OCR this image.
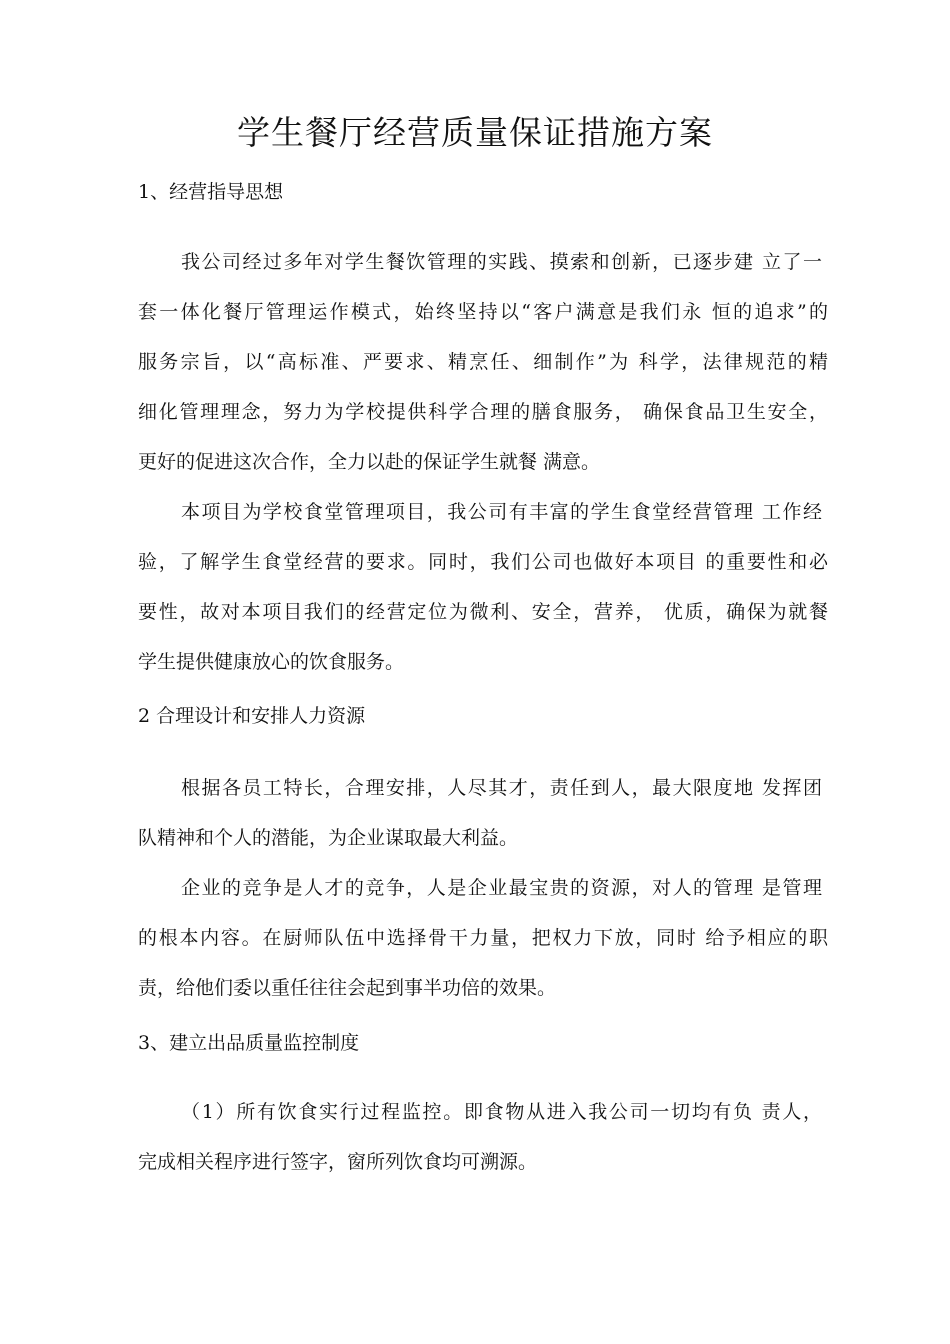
学生餐厅经营质量保证措施方案
1、经营指导思想

我公司经过多年对学生餐饮管理的实践、摸索和创新，已逐步建 立了一

套一体化餐厅管理运作模式，始终坚持以“客户满意是我们永 恒的追求”的

服务宗旨，以“高标准、严要求、精烹任、细制作”为 科学，法律规范的精

细化管理理念，努力为学校提供科学合理的膳食服务， 确保食品卫生安全，

更好的促进这次合作，全力以赴的保证学生就餐 满意。

本项目为学校食堂管理项目，我公司有丰富的学生食堂经营管理 工作经

验，了解学生食堂经营的要求。同时，我们公司也做好本项目 的重要性和必

要性，故对本项目我们的经营定位为微利、安全，营养， 优质，确保为就餐

学生提供健康放心的饮食服务。

2 合理设计和安排人力资源

根据各员工特长，合理安排，人尽其才，责任到人，最大限度地 发挥团

队精神和个人的潜能，为企业谋取最大利益。

企业的竞争是人才的竞争，人是企业最宝贵的资源，对人的管理 是管理

的根本内容。在厨师队伍中选择骨干力量，把权力下放，同时 给予相应的职

责，给他们委以重任往往会起到事半功倍的效果。

3、建立出品质量监控制度

（1）所有饮食实行过程监控。即食物从进入我公司一切均有负 责人，

完成相关程序进行签字，窗所列饮食均可溯源。
